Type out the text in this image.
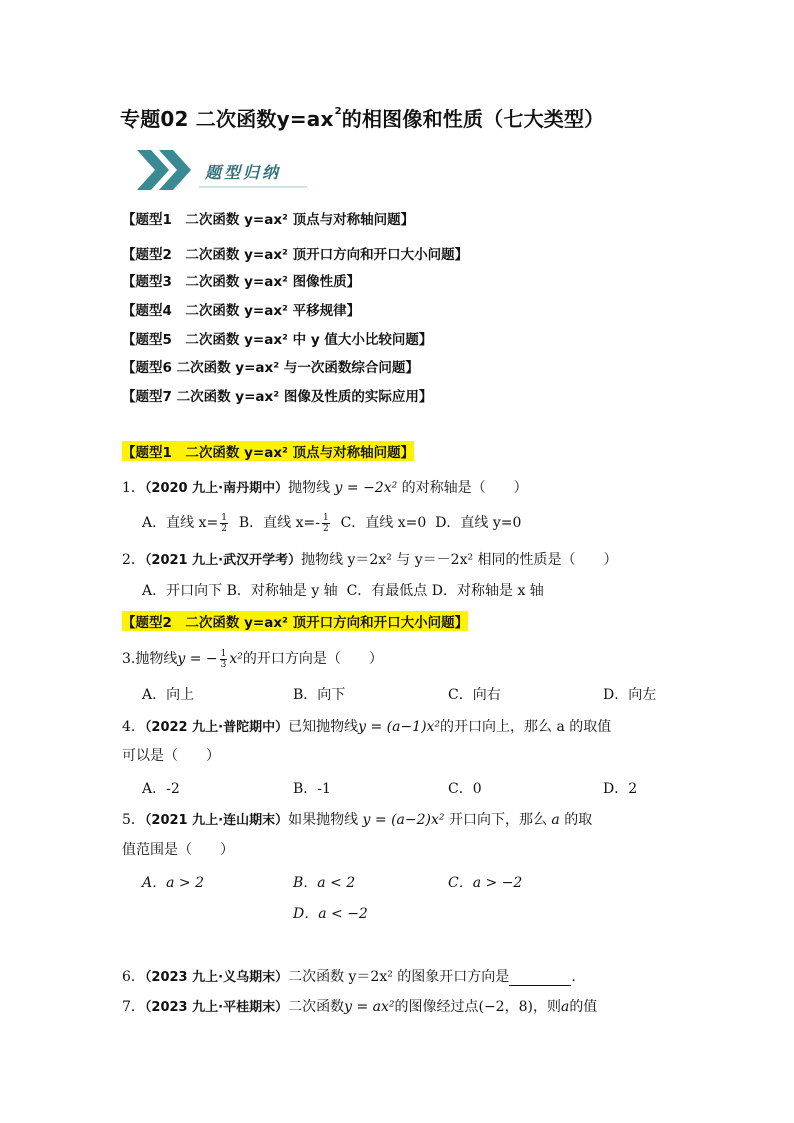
专题02 二次函数$y=ax^2$的相图像和性质（七大类型）
题型归纳
【题型1　二次函数 y=ax² 顶点与对称轴问题】
【题型2　二次函数 y=ax² 顶开口方向和开口大小问题】
【题型3　二次函数 y=ax² 图像性质】
【题型4　二次函数 y=ax² 平移规律】
【题型5　二次函数 y=ax² 中 y 值大小比较问题】
【题型6 二次函数 y=ax² 与一次函数综合问题】
【题型7 二次函数 y=ax² 图像及性质的实际应用】
【题型1　二次函数 y=ax² 顶点与对称轴问题】
1．（2020 九上·南丹期中）抛物线 y = −2x² 的对称轴是（　　）
A．直线 $x= \frac{1}{2}$ B．直线 $x=- \frac{1}{2}$ C．直线 x=0 D．直线 y=0
2．（2021 九上·武汉开学考）抛物线 y＝2x² 与 y＝－2x² 相同的性质是（　　）
A．开口向下 B．对称轴是 y 轴 C．有最低点 D．对称轴是 x 轴
【题型2　二次函数 y=ax² 顶开口方向和开口大小问题】
3.抛物线y = − $\frac{1}{3} x^2$的开口方向是（　　）
A．向上	B．向下	C．向右	D．向左
4．（2022 九上·普陀期中）已知抛物线y = (a−1)x²的开口向上，那么 a 的取值
可以是（　　）
A．-2	B．-1	C．0	D．2
5．（2021 九上·连山期末）如果抛物线 y = (a−2)x² 开口向下，那么 a 的取
值范围是（　　）
A．a > 2	B．a < 2	C．a > −2
D．a < −2
6．（2023 九上·义乌期末）二次函数 y＝2x² 的图象开口方向是	.
7．（2023 九上·平桂期末）二次函数y = ax²的图像经过点(−2，8)，则a的值
